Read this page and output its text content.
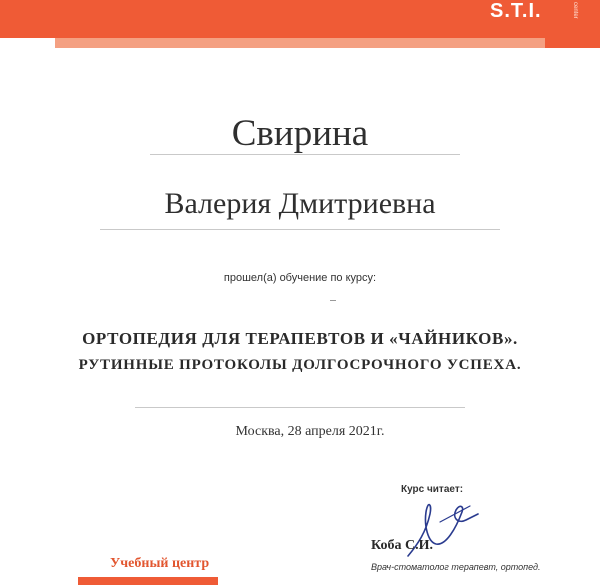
S.T.I.	center
Свирина
Валерия Дмитриевна
прошел(а) обучение по курсу:
ОРТОПЕДИЯ ДЛЯ ТЕРАПЕВТОВ И «ЧАЙНИКОВ».
РУТИННЫЕ ПРОТОКОЛЫ ДОЛГОСРОЧНОГО УСПЕХА.
Москва, 28 апреля 2021г.
Курс читает:
Коба С.И.
Врач-стоматолог терапевт, ортопед.
Учебный центр
